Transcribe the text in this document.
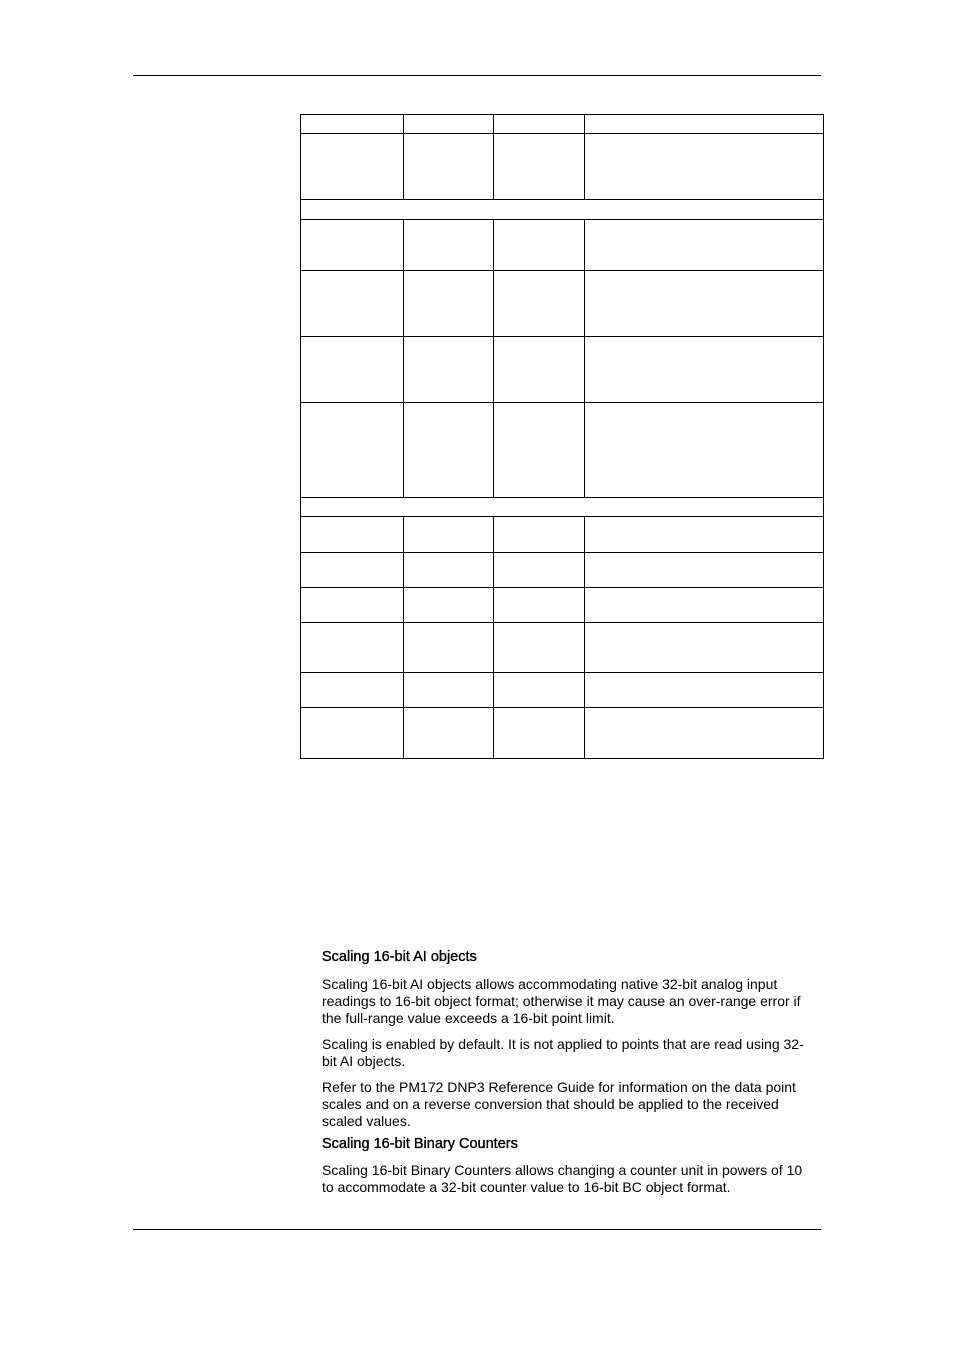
Scaling 16-bit AI objects

Scaling 16-bit AI objects allows accommodating native 32-bit analog input readings to 16-bit object format; otherwise it may cause an over-range error if the full-range value exceeds a 16-bit point limit.

Scaling is enabled by default. It is not applied to points that are read using 32-bit AI objects.

Refer to the PM172 DNP3 Reference Guide for information on the data point scales and on a reverse conversion that should be applied to the received scaled values.

Scaling 16-bit Binary Counters

Scaling 16-bit Binary Counters allows changing a counter unit in powers of 10 to accommodate a 32-bit counter value to 16-bit BC object format.
